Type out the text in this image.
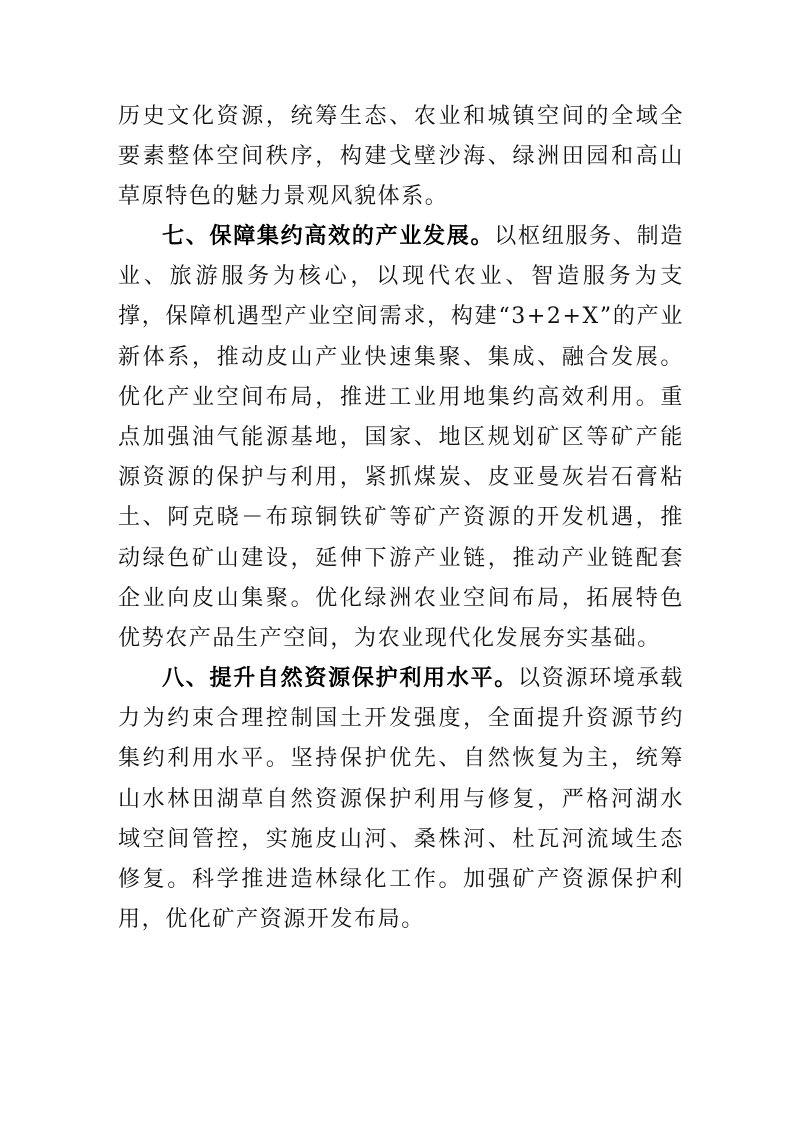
历史文化资源，统筹生态、农业和城镇空间的全域全要素整体空间秩序，构建戈壁沙海、绿洲田园和高山草原特色的魅力景观风貌体系。

七、保障集约高效的产业发展。以枢纽服务、制造业、旅游服务为核心，以现代农业、智造服务为支撑，保障机遇型产业空间需求，构建“3+2+X”的产业新体系，推动皮山产业快速集聚、集成、融合发展。优化产业空间布局，推进工业用地集约高效利用。重点加强油气能源基地，国家、地区规划矿区等矿产能源资源的保护与利用，紧抓煤炭、皮亚曼灰岩石膏粘土、阿克晓－布琼铜铁矿等矿产资源的开发机遇，推动绿色矿山建设，延伸下游产业链，推动产业链配套企业向皮山集聚。优化绿洲农业空间布局，拓展特色优势农产品生产空间，为农业现代化发展夯实基础。

八、提升自然资源保护利用水平。以资源环境承载力为约束合理控制国土开发强度，全面提升资源节约集约利用水平。坚持保护优先、自然恢复为主，统筹山水林田湖草自然资源保护利用与修复，严格河湖水域空间管控，实施皮山河、桑株河、杜瓦河流域生态修复。科学推进造林绿化工作。加强矿产资源保护利用，优化矿产资源开发布局。
